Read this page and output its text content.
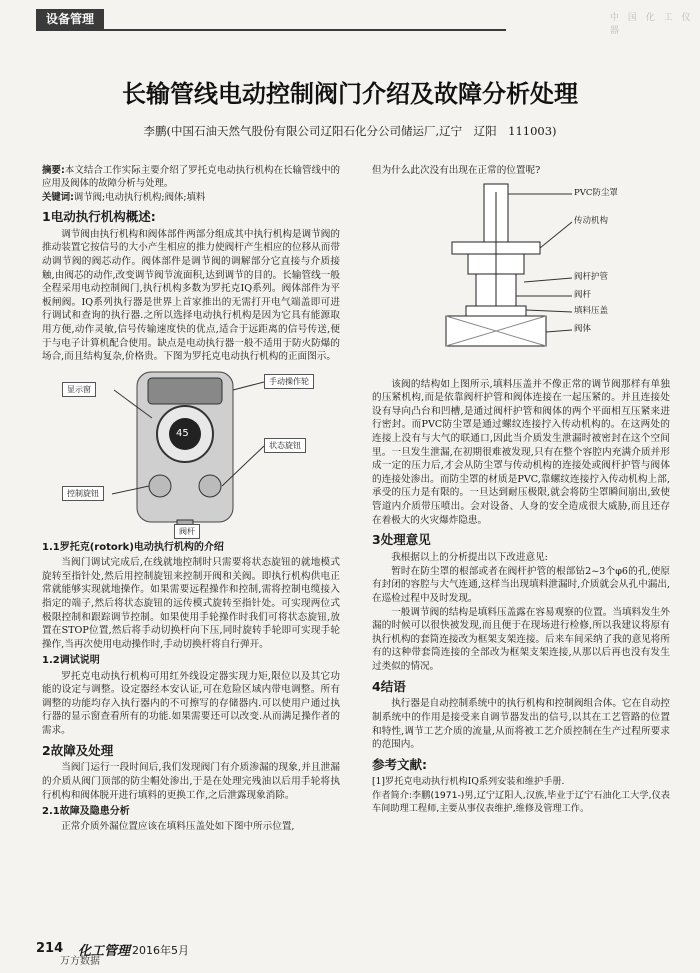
设备管理	中 国 化 工 仪 器
长输管线电动控制阀门介绍及故障分析处理
李鹏(中国石油天然气股份有限公司辽阳石化分公司储运厂,辽宁　辽阳　111003)

摘要:本文结合工作实际主要介绍了罗托克电动执行机构在长输管线中的应用及阀体的故障分析与处理。

关键词:调节阀;电动执行机构;阀体;填料

1电动执行机构概述:

调节阀由执行机构和阀体部件两部分组成其中执行机构是调节阀的推动装置它按信号的大小产生相应的推力使阀杆产生相应的位移从而带动调节阀的阀芯动作。阀体部件是调节阀的调解部分它直接与介质接触,由阀芯的动作,改变调节阀节流面积,达到调节的目的。长输管线一般全程采用电动控制阀门,执行机构多数为罗托克IQ系列。阀体部件为平板闸阀。IQ系列执行器是世界上首家推出的无需打开电气端盖即可进行调试和查询的执行器.之所以选择电动执行机构是因为它具有能源取用方便,动作灵敏,信号传输速度快的优点,适合于远距离的信号传送,便于与电子计算机配合使用。缺点是电动执行器一般不适用于防火防爆的场合,而且结构复杂,价格贵。下图为罗托克电动执行机构的正面图示。

45
显示窗
手动操作轮
状态旋钮
控制旋钮
阀杆
1.1罗托克(rotork)电动执行机构的介绍

当阀门调试完成后,在线就地控制时只需要将状态旋钮的就地模式旋转至指针处,然后用控制旋钮来控制开阀和关阀。即执行机构供电正常就能够实现就地操作。如果需要远程操作和控制,需将控制电缆接入指定的端子,然后将状态旋钮的远传模式旋转至指针处。可实现两位式极限控制和跟踪调节控制。如果使用手轮操作时我们可将状态旋钮,放置在STOP位置,然后将手动切换杆向下压,同时旋转手轮即可实现手轮操作,当再次使用电动操作时,手动切换杆将自行弹开。

1.2调试说明

罗托克电动执行机构可用红外线设定器实现力矩,限位以及其它功能的设定与调整。设定器经本安认证,可在危险区域内带电调整。所有调整的功能均存入执行器内的不可擦写的存储器内.可以使用户通过执行器的显示窗查看所有的功能.如果需要还可以改变.从而满足操作者的需求。

2故障及处理

当阀门运行一段时间后,我们发现阀门有介质渗漏的现象,并且泄漏的介质从阀门顶部的防尘帽处渗出,于是在处理完残油以后用手轮将执行机构和阀体脱开进行填料的更换工作,之后泄露现象消除。

2.1故障及隐患分析

正常介质外漏位置应该在填料压盖处如下图中所示位置,

但为什么此次没有出现在正常的位置呢?

PVC防尘罩
传动机构
阀杆护管
阀杆
填料压盖
阀体

该阀的结构如上图所示,填料压盖并不像正常的调节阀那样有单独的压紧机构,而是依靠阀杆护管和阀体连接在一起压紧的。并且连接处设有导向凸台和凹槽,是通过阀杆护管和阀体的两个平面相互压紧来进行密封。而PVC防尘罩是通过螺纹连接拧入传动机构的。在这两处的连接上没有与大气的联通口,因此当介质发生泄漏时被密封在这个空间里。一旦发生泄漏,在初期很难被发现,只有在整个容腔内充满介质并形成一定的压力后,才会从防尘罩与传动机构的连接处或阀杆护管与阀体的连接处渗出。而防尘罩的材质是PVC,靠螺纹连接拧入传动机构上部,承受的压力是有限的。一旦达到耐压极限,就会将防尘罩瞬间崩出,致使管道内介质带压喷出。会对设备、人身的安全造成很大威胁,而且还存在着极大的火灾爆炸隐患。

3处理意见

我根据以上的分析提出以下改进意见:

暂时在防尘罩的根部或者在阀杆护管的根部钻2~3个φ6的孔,使原有封闭的容腔与大气连通,这样当出现填料泄漏时,介质就会从孔中漏出,在巡检过程中及时发现。

一般调节阀的结构是填料压盖露在容易观察的位置。当填料发生外漏的时候可以很快被发现,而且便于在现场进行检修,所以我建议将原有执行机构的套筒连接改为框架支架连接。后来车间采纳了我的意见将所有的这种带套筒连接的全部改为框架支架连接,从那以后再也没有发生过类似的情况。

4结语

执行器是自动控制系统中的执行机构和控制阀组合体。它在自动控制系统中的作用是接受来自调节器发出的信号,以其在工艺管路的位置和特性,调节工艺介质的流量,从而将被工艺介质控制在生产过程所要求的范围内。

参考文献:

[1]罗托克电动执行机构IQ系列安装和维护手册.

作者简介:李鹏(1971-)男,辽宁辽阳人,汉族,毕业于辽宁石油化工大学,仪表车间助理工程师,主要从事仪表维护,维修及管理工作。

214 化工管理 2016年5月
万方数据
